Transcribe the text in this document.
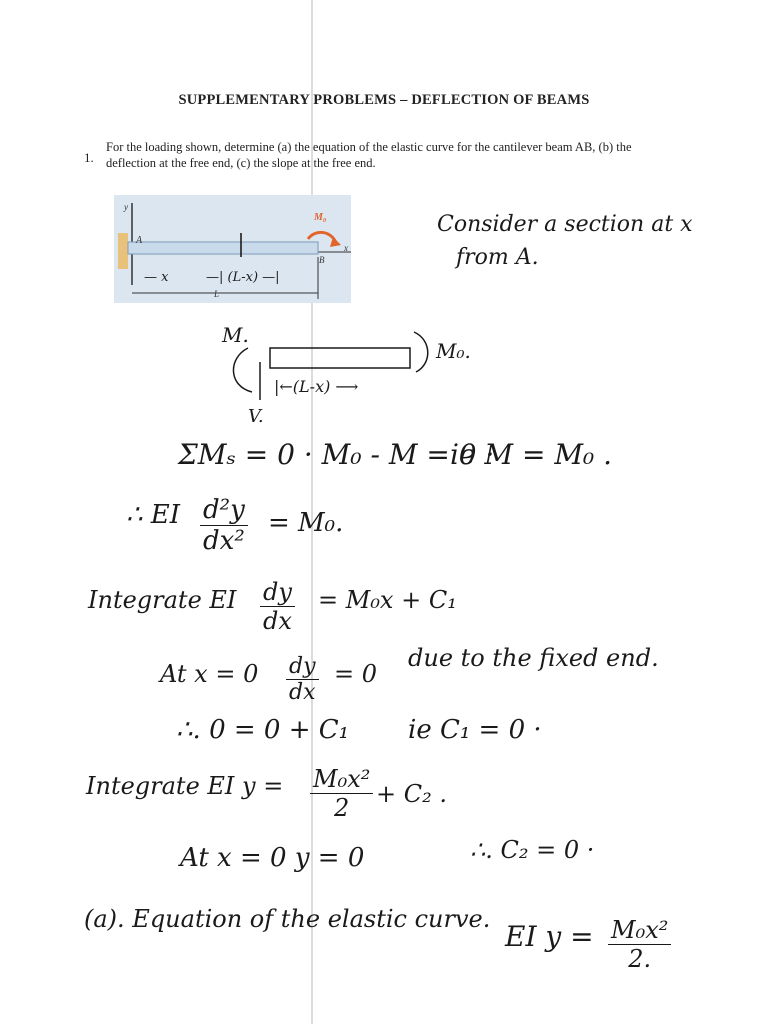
SUPPLEMENTARY PROBLEMS – DEFLECTION OF BEAMS
1.
For the loading shown, determine (a) the equation of the elastic curve for the cantilever beam AB, (b) the deflection at the free end, (c) the slope at the free end.
y
A
B
x
M₀
— x	—| (L-x) —|
L
Consider a section at x
from A.
M.
M₀.
V.
|←(L-x) ⟶
ΣMₛ = 0 · M₀ - M = 0 ·
ie M = M₀ .
∴ EI $\frac{\text{d²y}}{\text{dx²}} = M_0$.
Integrate EI $\frac{dy}{dx} = M_0x + C_1$
At $x = 0 \frac{dy}{dx} = 0$
due to the fixed end.
∴. 0 = 0 + C₁ ie C₁ = 0 ·
Integrate EI $y = \frac{\text{M₀x²}}{2} + C_2$ .
At x = 0 y = 0	∴. C₂ = 0 ·
(a). Equation of the elastic curve.
EI $y = \frac{\text{M₀x²}}{2.}$
